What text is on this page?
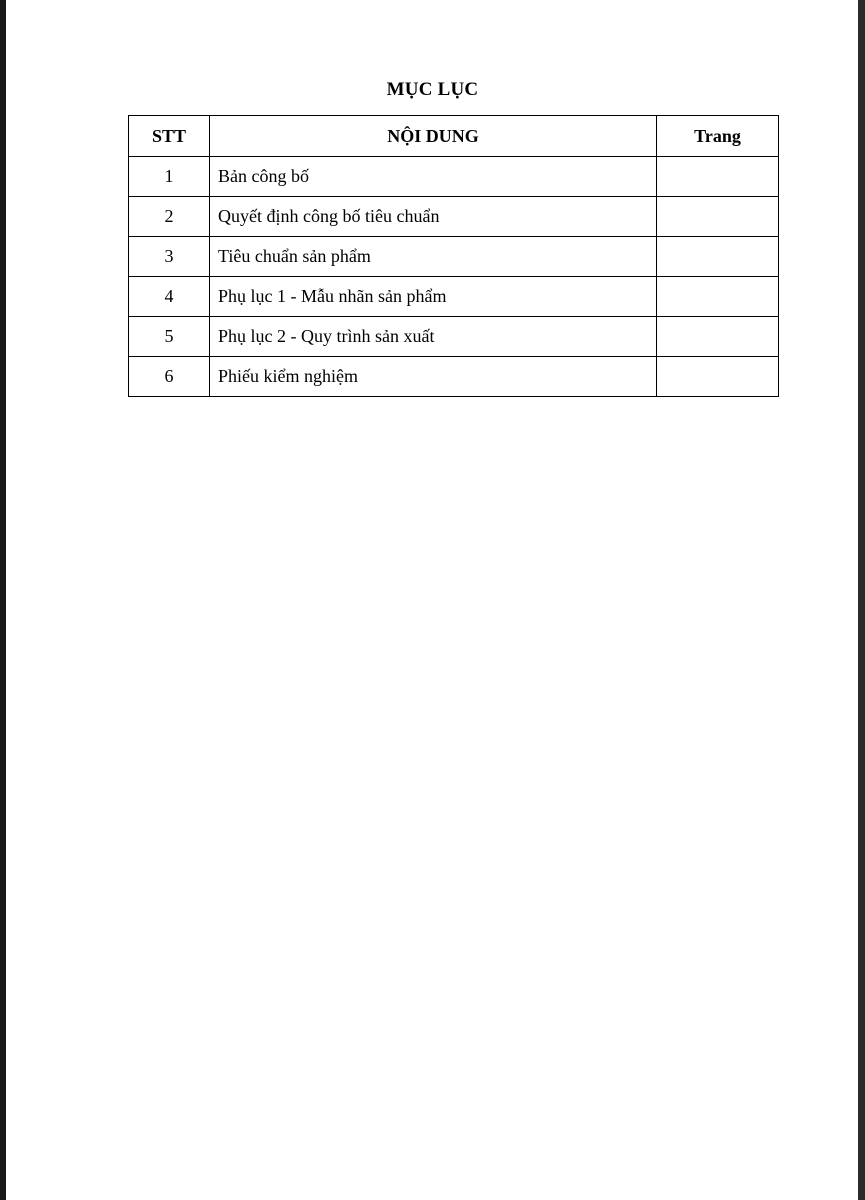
MỤC LỤC
STT	NỘI DUNG	Trang
1	Bản công bố	
2	Quyết định công bố tiêu chuẩn	
3	Tiêu chuẩn sản phẩm	
4	Phụ lục 1 - Mẫu nhãn sản phẩm	
5	Phụ lục 2 - Quy trình sản xuất	
6	Phiếu kiểm nghiệm	
